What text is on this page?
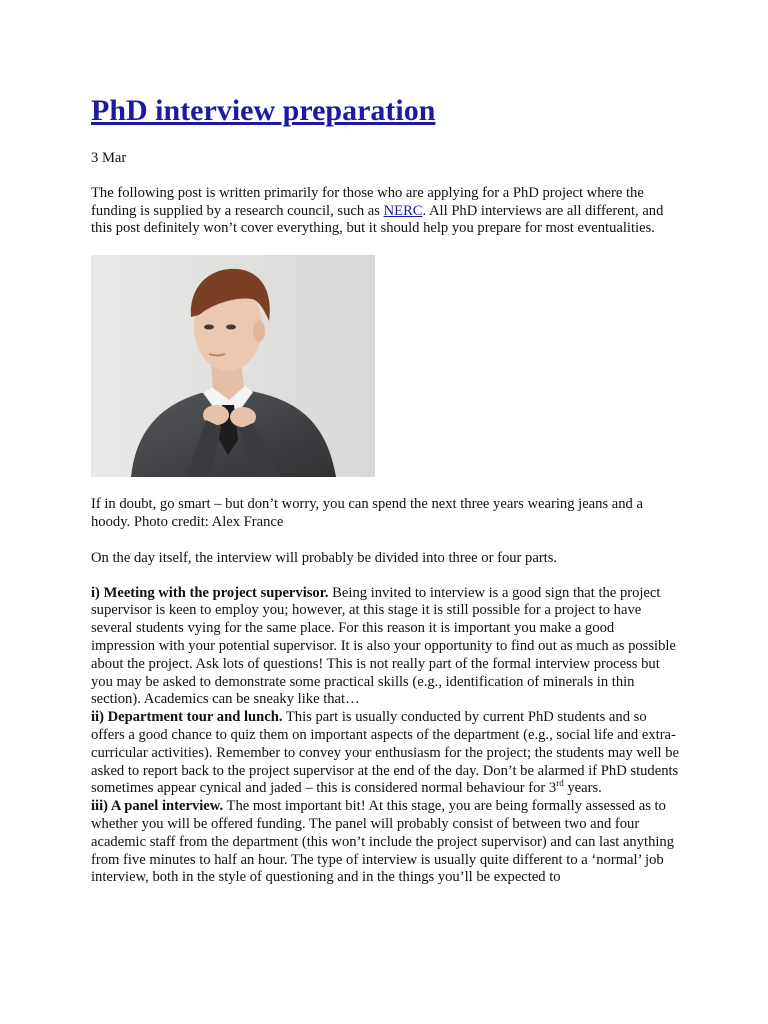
PhD interview preparation

3 Mar

The following post is written primarily for those who are applying for a PhD project where the funding is supplied by a research council, such as NERC. All PhD interviews are all different, and this post definitely won’t cover everything, but it should help you prepare for most eventualities.

If in doubt, go smart – but don’t worry, you can spend the next three years wearing jeans and a hoody. Photo credit: Alex France

On the day itself, the interview will probably be divided into three or four parts.

i) Meeting with the project supervisor. Being invited to interview is a good sign that the project supervisor is keen to employ you; however, at this stage it is still possible for a project to have several students vying for the same place. For this reason it is important you make a good impression with your potential supervisor. It is also your opportunity to find out as much as possible about the project. Ask lots of questions! This is not really part of the formal interview process but you may be asked to demonstrate some practical skills (e.g., identification of minerals in thin section). Academics can be sneaky like that…

ii) Department tour and lunch. This part is usually conducted by current PhD students and so offers a good chance to quiz them on important aspects of the department (e.g., social life and extra-curricular activities). Remember to convey your enthusiasm for the project; the students may well be asked to report back to the project supervisor at the end of the day. Don’t be alarmed if PhD students sometimes appear cynical and jaded – this is considered normal behaviour for 3rd years.

iii) A panel interview. The most important bit! At this stage, you are being formally assessed as to whether you will be offered funding. The panel will probably consist of between two and four academic staff from the department (this won’t include the project supervisor) and can last anything from five minutes to half an hour. The type of interview is usually quite different to a ‘normal’ job interview, both in the style of questioning and in the things you’ll be expected to
